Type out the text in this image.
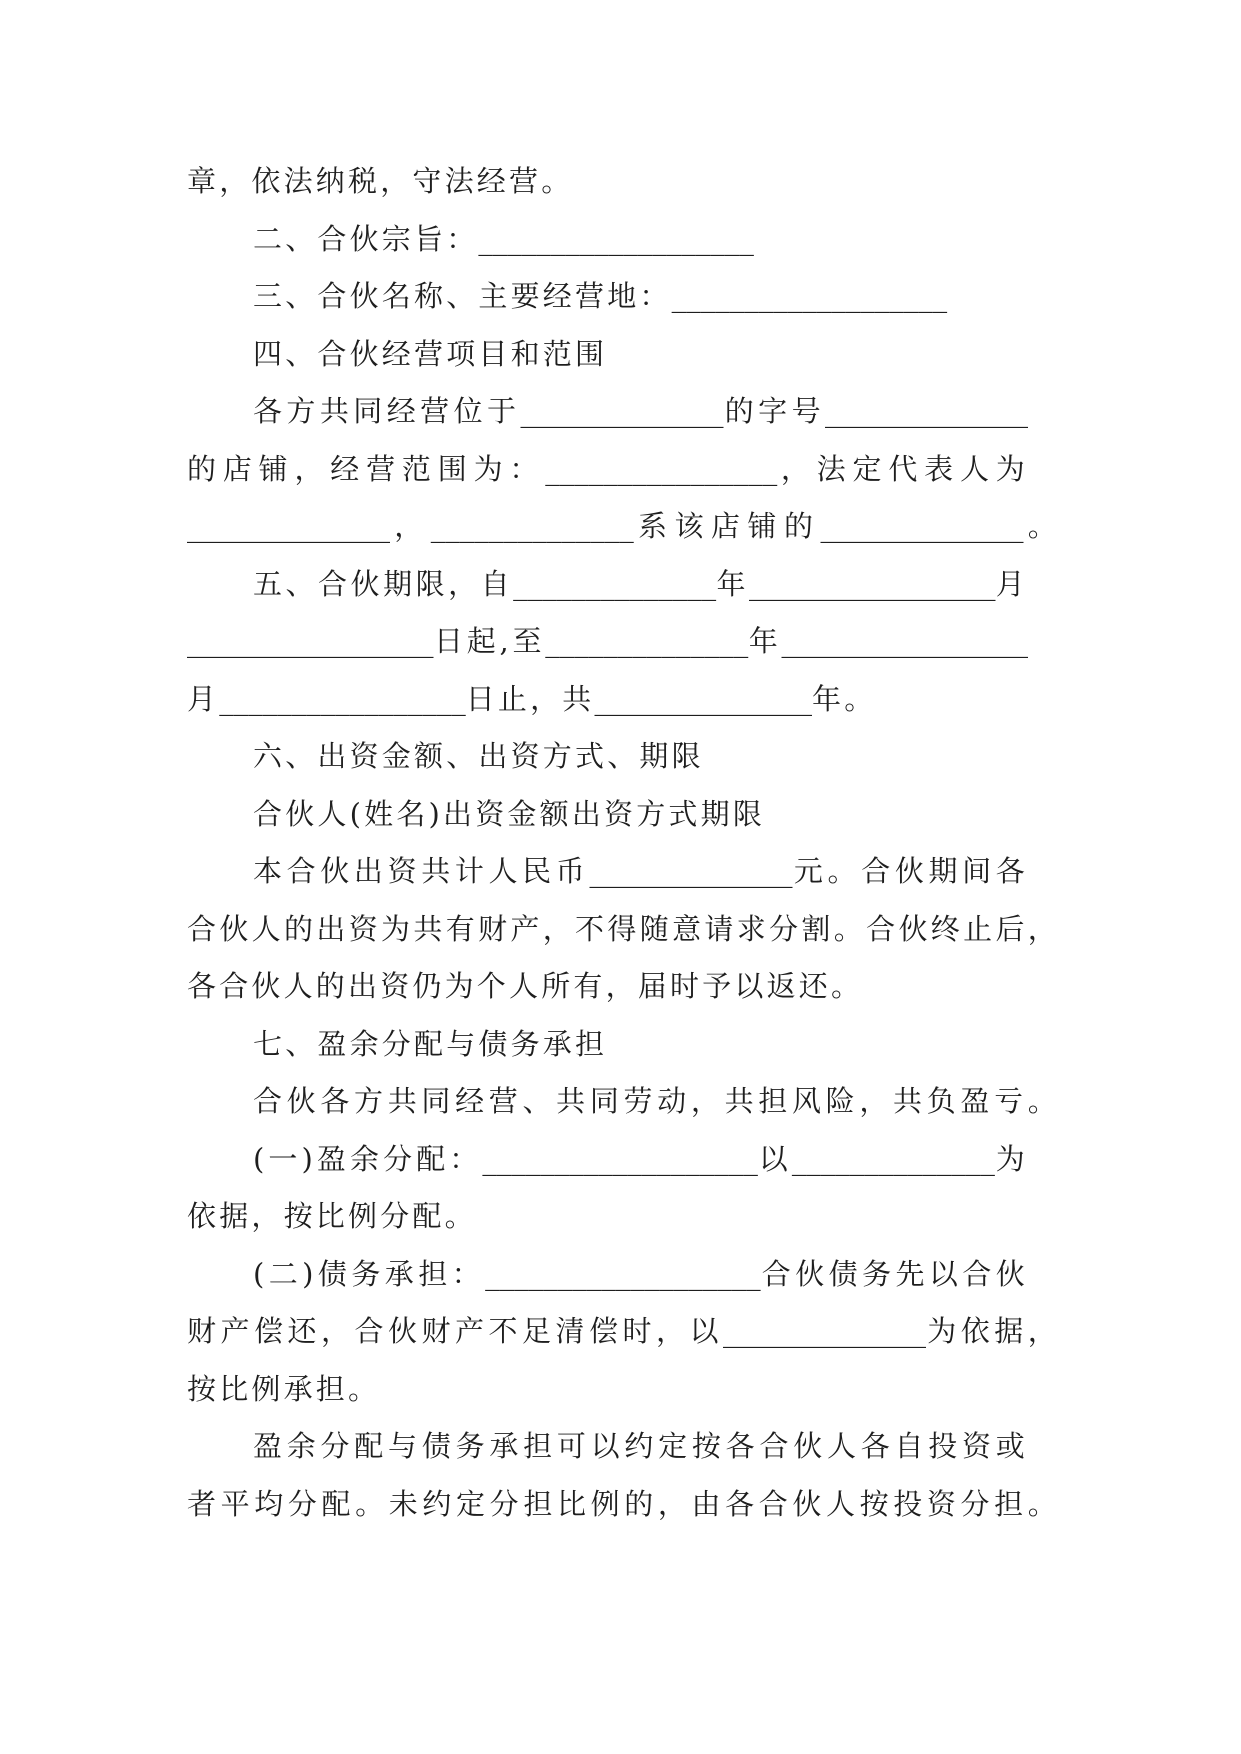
章，依法纳税，守法经营。
二、合伙宗旨：___________________
三、合伙名称、主要经营地：___________________
四、合伙经营项目和范围
各方共同经营位于______________的字号______________
的店铺，经营范围为：________________，法定代表人为
______________，______________系该店铺的______________。
五、合伙期限，自______________年_________________月
_________________日起,至______________年_________________
月_________________日止，共_______________年。
六、出资金额、出资方式、期限
合伙人(姓名)出资金额出资方式期限
本合伙出资共计人民币______________元。合伙期间各
合伙人的出资为共有财产，不得随意请求分割。合伙终止后，
各合伙人的出资仍为个人所有，届时予以返还。
七、盈余分配与债务承担
合伙各方共同经营、共同劳动，共担风险，共负盈亏。
(一)盈余分配：___________________以______________为
依据，按比例分配。
(二)债务承担：___________________合伙债务先以合伙
财产偿还，合伙财产不足清偿时，以______________为依据，
按比例承担。
盈余分配与债务承担可以约定按各合伙人各自投资或
者平均分配。未约定分担比例的，由各合伙人按投资分担。
